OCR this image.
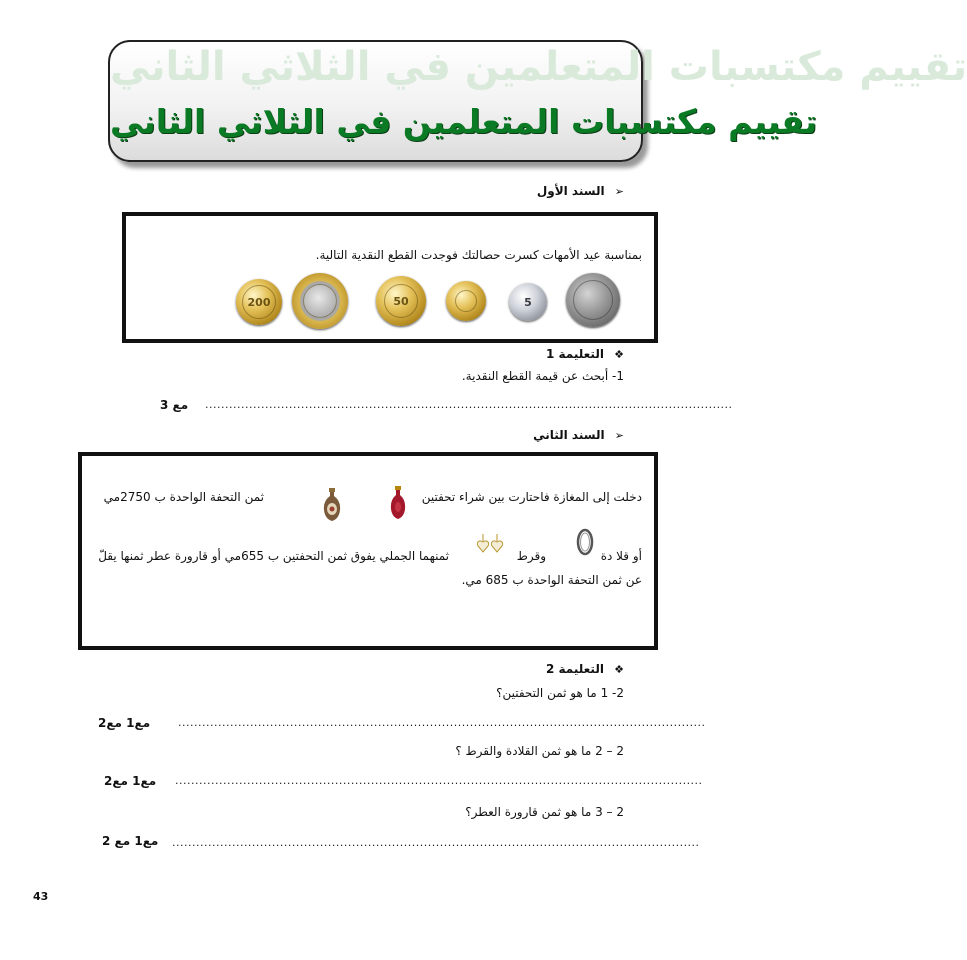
تقييم مكتسبات المتعلمين في الثلاثي الثاني
تقييم مكتسبات المتعلمين في الثلاثي الثاني
➢ السند الأول
بمناسبة عيد الأمهات كسرت حصالتك فوجدت القطع النقدية التالية.
200	50	5
❖ التعليمة 1
1- أبحث عن قيمة القطع النقدية.
....................................................................................................................................
مع 3
➢ السند الثاني
دخلت إلى المغازة فاحتارت بين شراء تحفتين
ثمن التحفة الواحدة ب 2750مي
أو قلا دة
وقرط
ثمنهما الجملي يفوق ثمن التحفتين ب 655مي أو قارورة عطر ثمنها يقلّ
عن ثمن التحفة الواحدة ب 685 مي.
❖ التعليمة 2
2- 1 ما هو ثمن التحفتين؟
....................................................................................................................................
مع1 مع2
2 – 2 ما هو ثمن القلادة والقرط ؟
....................................................................................................................................
مع1 مع2
2 – 3 ما هو ثمن قارورة العطر؟
....................................................................................................................................
مع1 مع 2
43
